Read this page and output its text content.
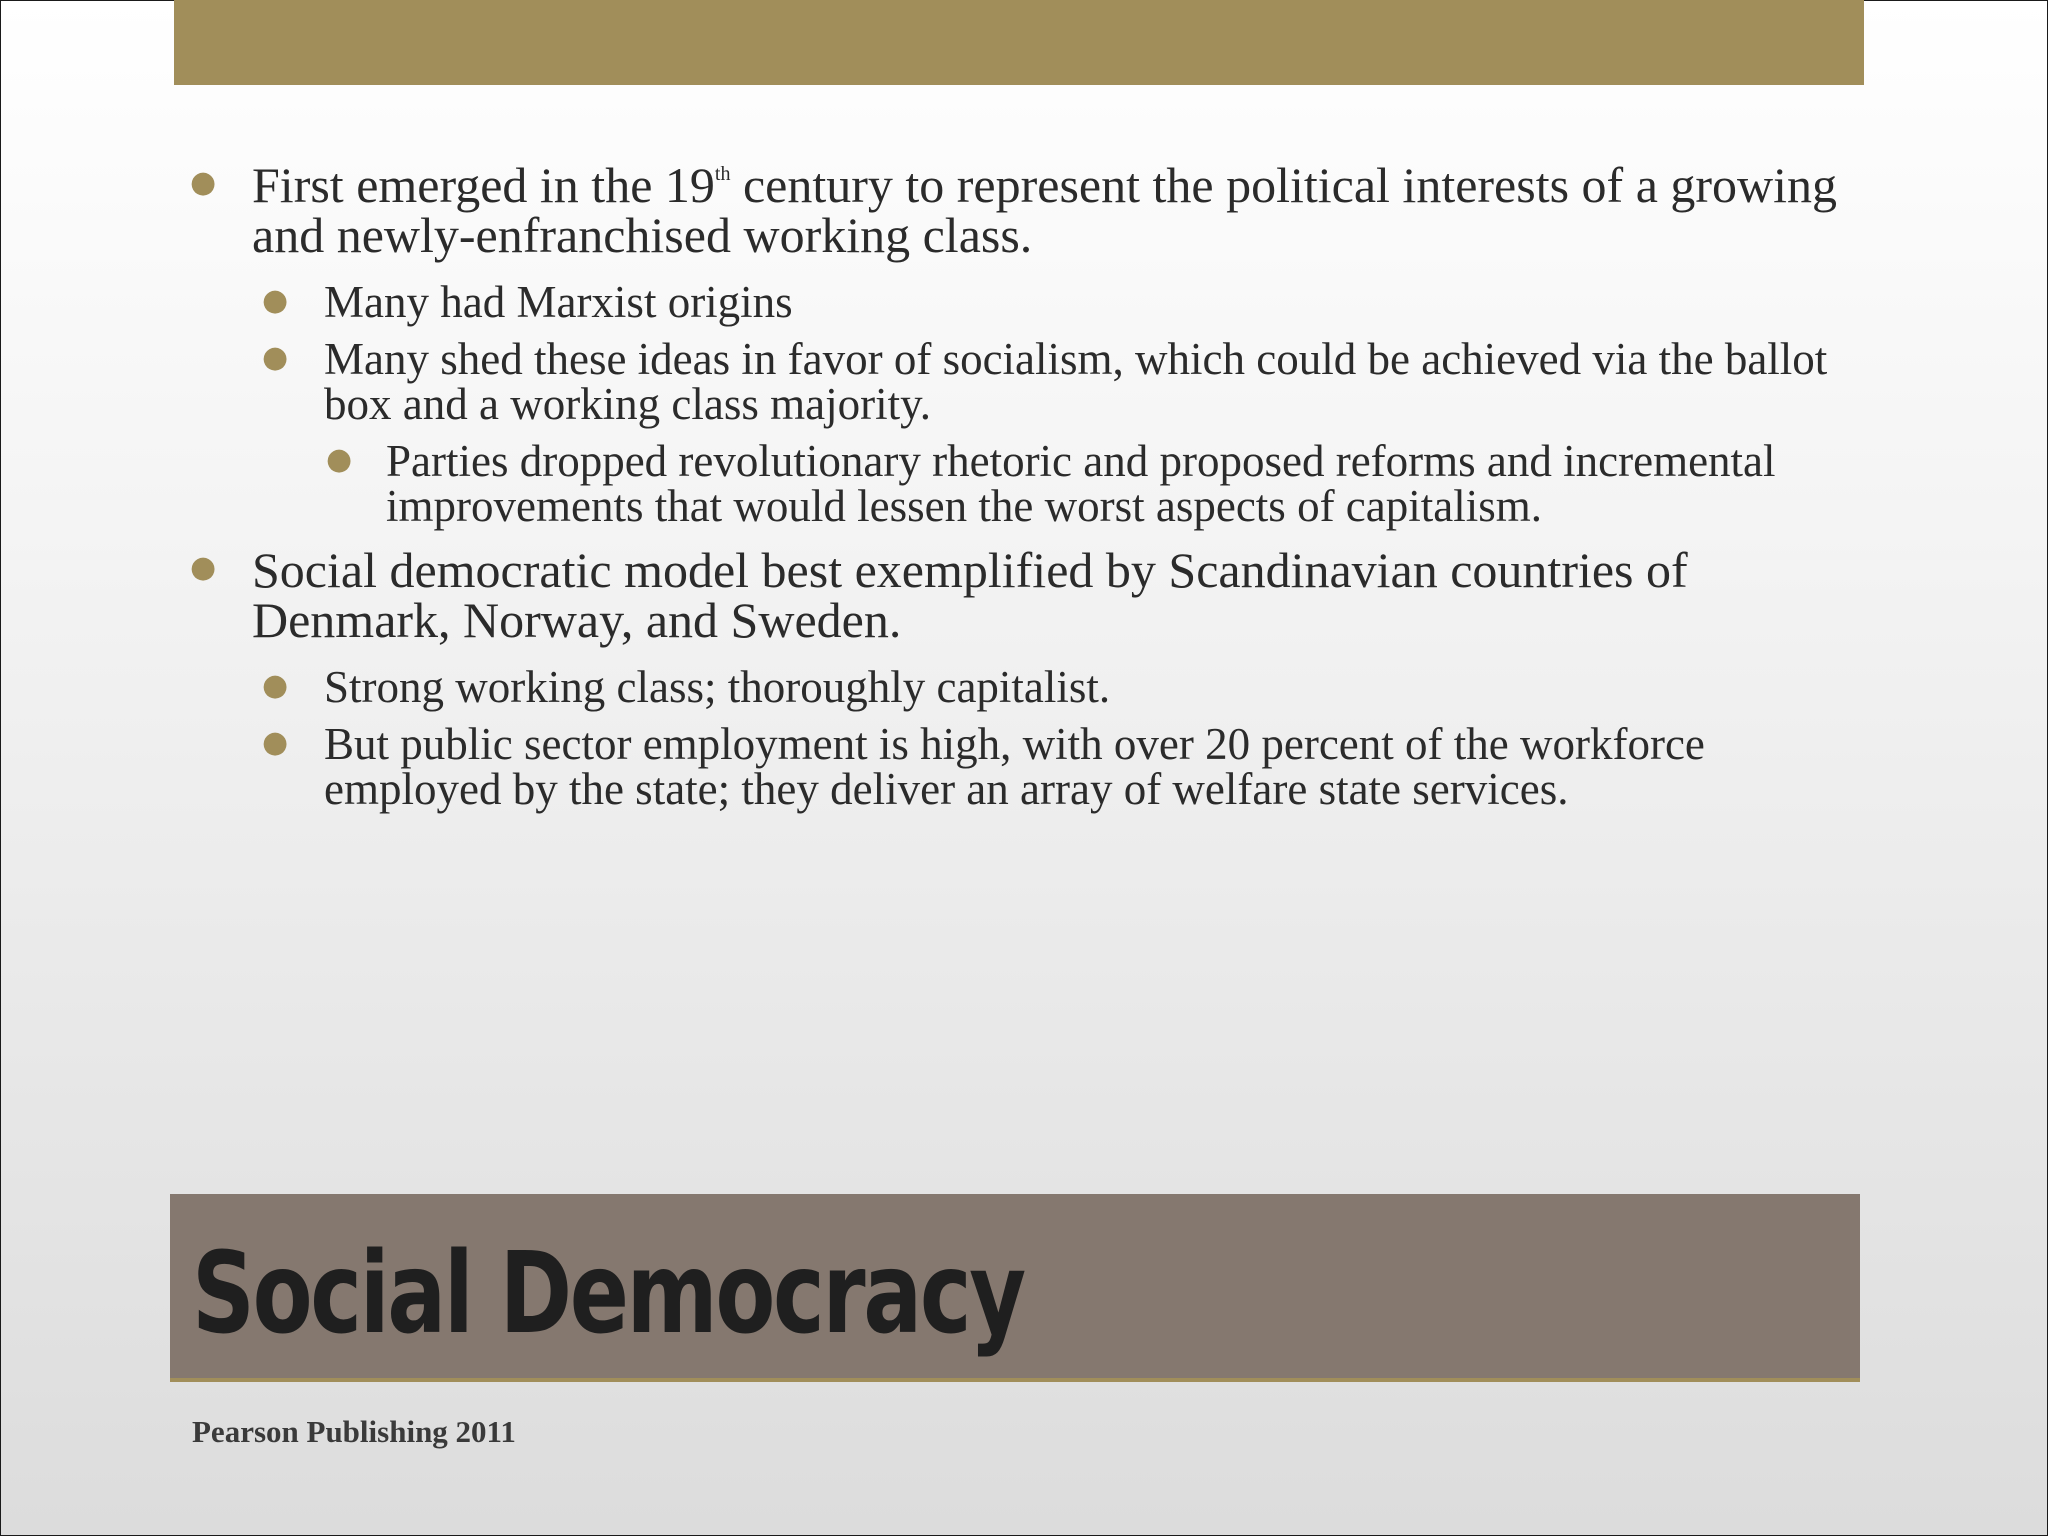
● First emerged in the 19th century to represent the political interests of a growing and newly-enfranchised working class.
● Many had Marxist origins
● Many shed these ideas in favor of socialism, which could be achieved via the ballot box and a working class majority.
● Parties dropped revolutionary rhetoric and proposed reforms and incremental improvements that would lessen the worst aspects of capitalism.
● Social democratic model best exemplified by Scandinavian countries of Denmark, Norway, and Sweden.
● Strong working class; thoroughly capitalist.
● But public sector employment is high, with over 20 percent of the workforce employed by the state; they deliver an array of welfare state services.
Social Democracy
Pearson Publishing 2011
